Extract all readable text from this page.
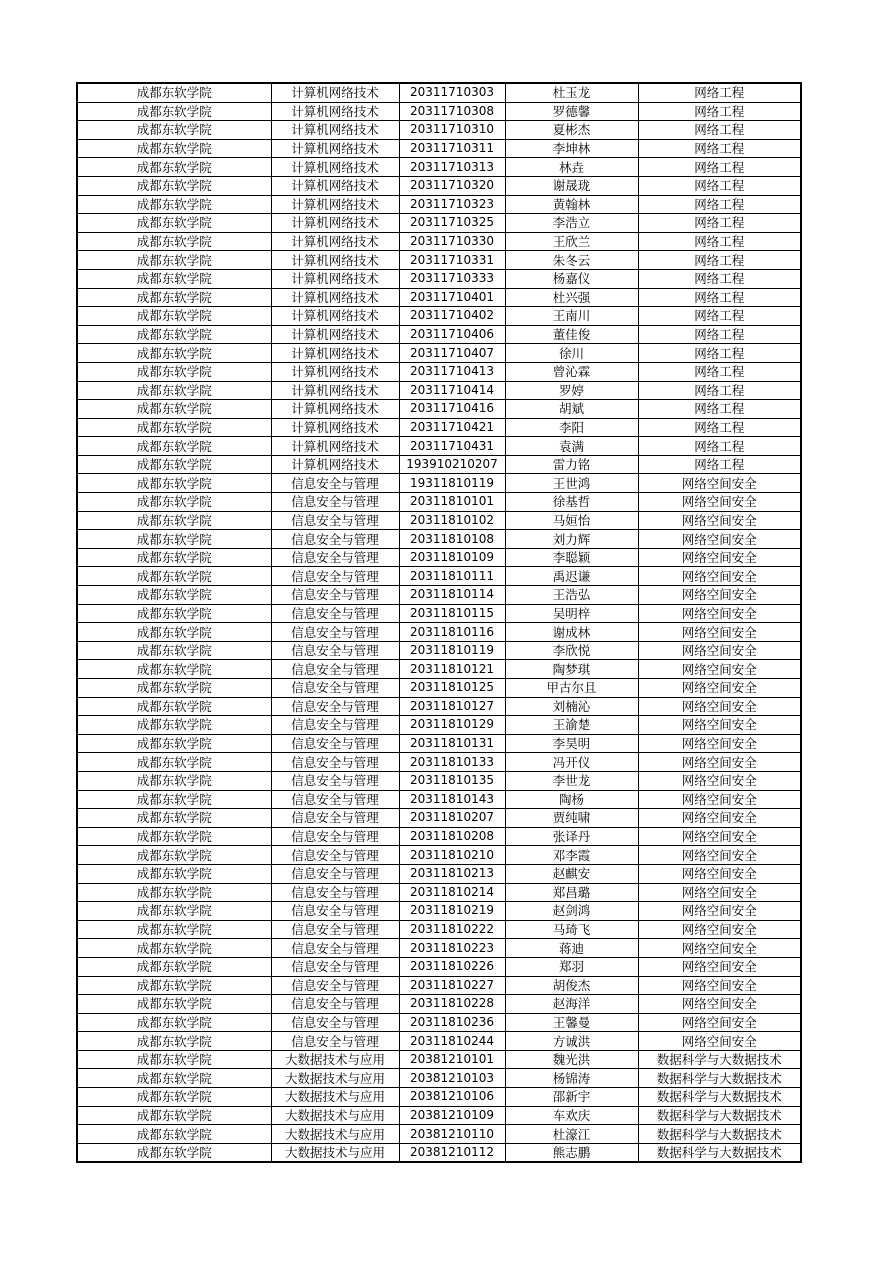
成都东软学院	计算机网络技术	20311710303	杜玉龙	网络工程
成都东软学院	计算机网络技术	20311710308	罗德馨	网络工程
成都东软学院	计算机网络技术	20311710310	夏彬杰	网络工程
成都东软学院	计算机网络技术	20311710311	李坤林	网络工程
成都东软学院	计算机网络技术	20311710313	林垚	网络工程
成都东软学院	计算机网络技术	20311710320	谢晟珑	网络工程
成都东软学院	计算机网络技术	20311710323	黄翰林	网络工程
成都东软学院	计算机网络技术	20311710325	李浩立	网络工程
成都东软学院	计算机网络技术	20311710330	王欣兰	网络工程
成都东软学院	计算机网络技术	20311710331	朱冬云	网络工程
成都东软学院	计算机网络技术	20311710333	杨嘉仪	网络工程
成都东软学院	计算机网络技术	20311710401	杜兴强	网络工程
成都东软学院	计算机网络技术	20311710402	王南川	网络工程
成都东软学院	计算机网络技术	20311710406	董佳俊	网络工程
成都东软学院	计算机网络技术	20311710407	徐川	网络工程
成都东软学院	计算机网络技术	20311710413	曾沁霖	网络工程
成都东软学院	计算机网络技术	20311710414	罗婷	网络工程
成都东软学院	计算机网络技术	20311710416	胡斌	网络工程
成都东软学院	计算机网络技术	20311710421	李阳	网络工程
成都东软学院	计算机网络技术	20311710431	袁满	网络工程
成都东软学院	计算机网络技术	193910210207	雷力铭	网络工程
成都东软学院	信息安全与管理	19311810119	王世鸿	网络空间安全
成都东软学院	信息安全与管理	20311810101	徐基哲	网络空间安全
成都东软学院	信息安全与管理	20311810102	马姮怡	网络空间安全
成都东软学院	信息安全与管理	20311810108	刘力辉	网络空间安全
成都东软学院	信息安全与管理	20311810109	李聪颖	网络空间安全
成都东软学院	信息安全与管理	20311810111	禹迟谦	网络空间安全
成都东软学院	信息安全与管理	20311810114	王浩弘	网络空间安全
成都东软学院	信息安全与管理	20311810115	吴明梓	网络空间安全
成都东软学院	信息安全与管理	20311810116	谢成林	网络空间安全
成都东软学院	信息安全与管理	20311810119	李欣悦	网络空间安全
成都东软学院	信息安全与管理	20311810121	陶梦琪	网络空间安全
成都东软学院	信息安全与管理	20311810125	甲古尔且	网络空间安全
成都东软学院	信息安全与管理	20311810127	刘楠沁	网络空间安全
成都东软学院	信息安全与管理	20311810129	王渝楚	网络空间安全
成都东软学院	信息安全与管理	20311810131	李昊明	网络空间安全
成都东软学院	信息安全与管理	20311810133	冯开仪	网络空间安全
成都东软学院	信息安全与管理	20311810135	李世龙	网络空间安全
成都东软学院	信息安全与管理	20311810143	陶杨	网络空间安全
成都东软学院	信息安全与管理	20311810207	贾纯啸	网络空间安全
成都东软学院	信息安全与管理	20311810208	张译丹	网络空间安全
成都东软学院	信息安全与管理	20311810210	邓李霞	网络空间安全
成都东软学院	信息安全与管理	20311810213	赵麒安	网络空间安全
成都东软学院	信息安全与管理	20311810214	郑昌璐	网络空间安全
成都东软学院	信息安全与管理	20311810219	赵剑鸿	网络空间安全
成都东软学院	信息安全与管理	20311810222	马琦飞	网络空间安全
成都东软学院	信息安全与管理	20311810223	蒋迪	网络空间安全
成都东软学院	信息安全与管理	20311810226	郑羽	网络空间安全
成都东软学院	信息安全与管理	20311810227	胡俊杰	网络空间安全
成都东软学院	信息安全与管理	20311810228	赵海洋	网络空间安全
成都东软学院	信息安全与管理	20311810236	王馨曼	网络空间安全
成都东软学院	信息安全与管理	20311810244	方诚洪	网络空间安全
成都东软学院	大数据技术与应用	20381210101	魏光洪	数据科学与大数据技术
成都东软学院	大数据技术与应用	20381210103	杨锦涛	数据科学与大数据技术
成都东软学院	大数据技术与应用	20381210106	邵新宇	数据科学与大数据技术
成都东软学院	大数据技术与应用	20381210109	车欢庆	数据科学与大数据技术
成都东软学院	大数据技术与应用	20381210110	杜濠江	数据科学与大数据技术
成都东软学院	大数据技术与应用	20381210112	熊志鹏	数据科学与大数据技术
